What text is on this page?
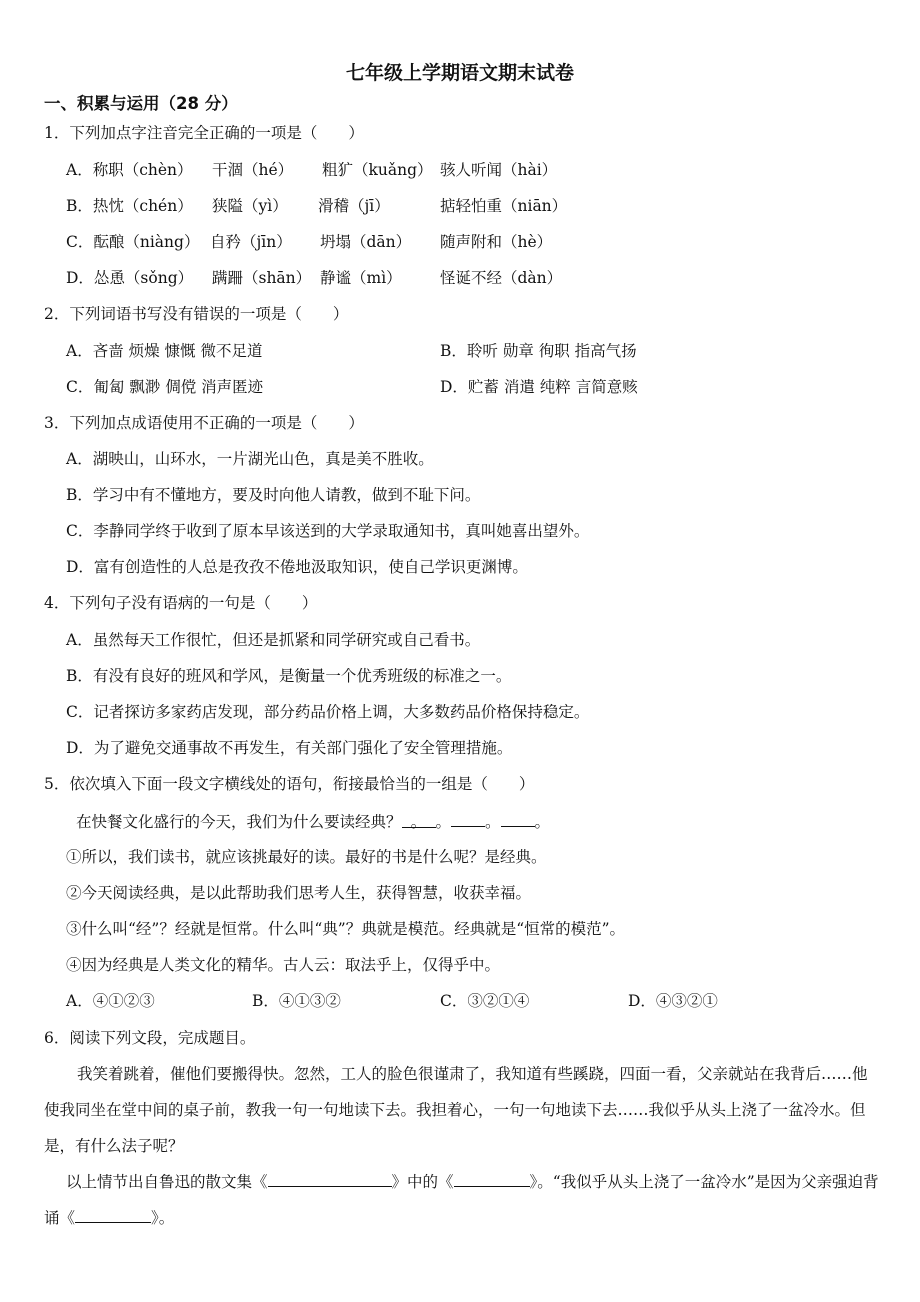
七年级上学期语文期末试卷
一、积累与运用（28 分）
1．下列加点字注音完全正确的一项是（　　）
A．称职（chèn） 干涸（hé） 粗犷（kuǎng） 骇人听闻（hài）
B．热忱（chén） 狭隘（yì） 滑稽（jī）	掂轻怕重（niān）
C．酝酿（niàng） 自矜（jīn） 坍塌（dān） 随声附和（hè）
D．怂恿（sǒng） 蹒跚（shān） 静谧（mì） 怪诞不经（dàn）
2．下列词语书写没有错误的一项是（　　）
A．吝啬 烦燥 慷慨 微不足道	B．聆听 勋章 徇职 指高气扬
C．匍匐 飘渺 倜傥 消声匿迹	D．贮蓄 消遣 纯粹 言简意赅
3．下列加点成语使用不正确的一项是（　　）
A．湖映山，山环水，一片湖光山色，真是美不胜收。
B．学习中有不懂地方，要及时向他人请教，做到不耻下问。
C．李静同学终于收到了原本早该送到的大学录取通知书，真叫她喜出望外。
D．富有创造性的人总是孜孜不倦地汲取知识，使自己学识更渊博。
4．下列句子没有语病的一句是（　　）
A．虽然每天工作很忙，但还是抓紧和同学研究或自己看书。
B．有没有良好的班风和学风，是衡量一个优秀班级的标准之一。
C．记者探访多家药店发现，部分药品价格上调，大多数药品价格保持稳定。
D．为了避免交通事故不再发生，有关部门强化了安全管理措施。
5．依次填入下面一段文字横线处的语句，衔接最恰当的一组是（　　）
在快餐文化盛行的今天，我们为什么要读经典？ 。 。 。 。
①所以，我们读书，就应该挑最好的读。最好的书是什么呢？是经典。
②今天阅读经典，是以此帮助我们思考人生，获得智慧，收获幸福。
③什么叫“经”？经就是恒常。什么叫“典”？典就是模范。经典就是“恒常的模范”。
④因为经典是人类文化的精华。古人云：取法乎上，仅得乎中。
A．④①②③	B．④①③②	C．③②①④	D．④③②①
6．阅读下列文段，完成题目。
我笑着跳着，催他们要搬得快。忽然，工人的脸色很谨肃了，我知道有些蹊跷，四面一看，父亲就站在我背后……他使我同坐在堂中间的桌子前，教我一句一句地读下去。我担着心，一句一句地读下去……我似乎从头上浇了一盆冷水。但是，有什么法子呢？
以上情节出自鲁迅的散文集《	》中的《	》。“我似乎从头上浇了一盆冷水”是因为父亲强迫背诵《	》。
